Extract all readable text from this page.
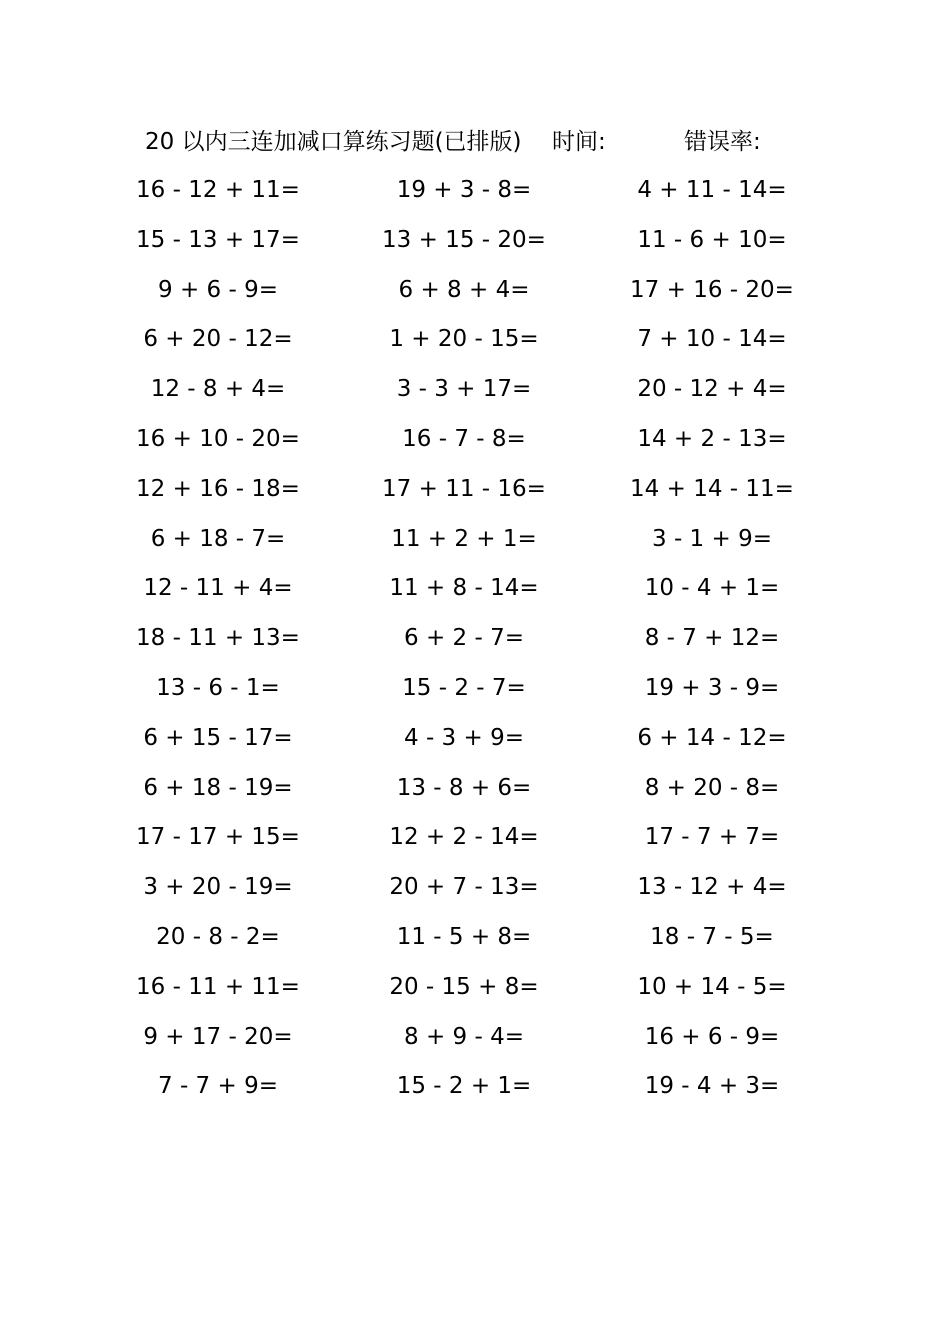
20 以内三连加减口算练习题(已排版) 时间:	错误率:
16 - 12 + 11=	19 + 3 - 8=	4 + 11 - 14=
15 - 13 + 17=	13 + 15 - 20=	11 - 6 + 10=
9 + 6 - 9=	6 + 8 + 4=	17 + 16 - 20=
6 + 20 - 12=	1 + 20 - 15=	7 + 10 - 14=
12 - 8 + 4=	3 - 3 + 17=	20 - 12 + 4=
16 + 10 - 20=	16 - 7 - 8=	14 + 2 - 13=
12 + 16 - 18=	17 + 11 - 16=	14 + 14 - 11=
6 + 18 - 7=	11 + 2 + 1=	3 - 1 + 9=
12 - 11 + 4=	11 + 8 - 14=	10 - 4 + 1=
18 - 11 + 13=	6 + 2 - 7=	8 - 7 + 12=
13 - 6 - 1=	15 - 2 - 7=	19 + 3 - 9=
6 + 15 - 17=	4 - 3 + 9=	6 + 14 - 12=
6 + 18 - 19=	13 - 8 + 6=	8 + 20 - 8=
17 - 17 + 15=	12 + 2 - 14=	17 - 7 + 7=
3 + 20 - 19=	20 + 7 - 13=	13 - 12 + 4=
20 - 8 - 2=	11 - 5 + 8=	18 - 7 - 5=
16 - 11 + 11=	20 - 15 + 8=	10 + 14 - 5=
9 + 17 - 20=	8 + 9 - 4=	16 + 6 - 9=
7 - 7 + 9=	15 - 2 + 1=	19 - 4 + 3=
